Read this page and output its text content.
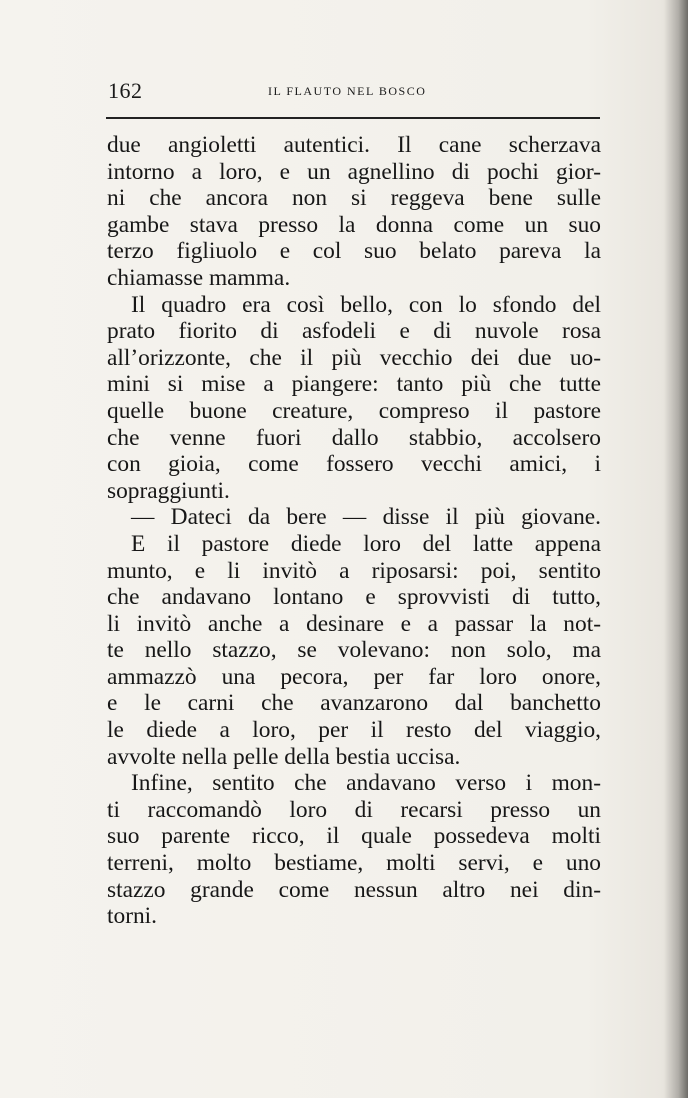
162	IL FLAUTO NEL BOSCO
due angioletti autentici. Il cane scherzava
intorno a loro, e un agnellino di pochi gior-
ni che ancora non si reggeva bene sulle
gambe stava presso la donna come un suo
terzo figliuolo e col suo belato pareva la
chiamasse mamma.
Il quadro era così bello, con lo sfondo del
prato fiorito di asfodeli e di nuvole rosa
all’orizzonte, che il più vecchio dei due uo-
mini si mise a piangere: tanto più che tutte
quelle buone creature, compreso il pastore
che venne fuori dallo stabbio, accolsero
con gioia, come fossero vecchi amici, i
sopraggiunti.
— Dateci da bere — disse il più giovane.
E il pastore diede loro del latte appena
munto, e li invitò a riposarsi: poi, sentito
che andavano lontano e sprovvisti di tutto,
li invitò anche a desinare e a passar la not-
te nello stazzo, se volevano: non solo, ma
ammazzò una pecora, per far loro onore,
e le carni che avanzarono dal banchetto
le diede a loro, per il resto del viaggio,
avvolte nella pelle della bestia uccisa.
Infine, sentito che andavano verso i mon-
ti raccomandò loro di recarsi presso un
suo parente ricco, il quale possedeva molti
terreni, molto bestiame, molti servi, e uno
stazzo grande come nessun altro nei din-
torni.
